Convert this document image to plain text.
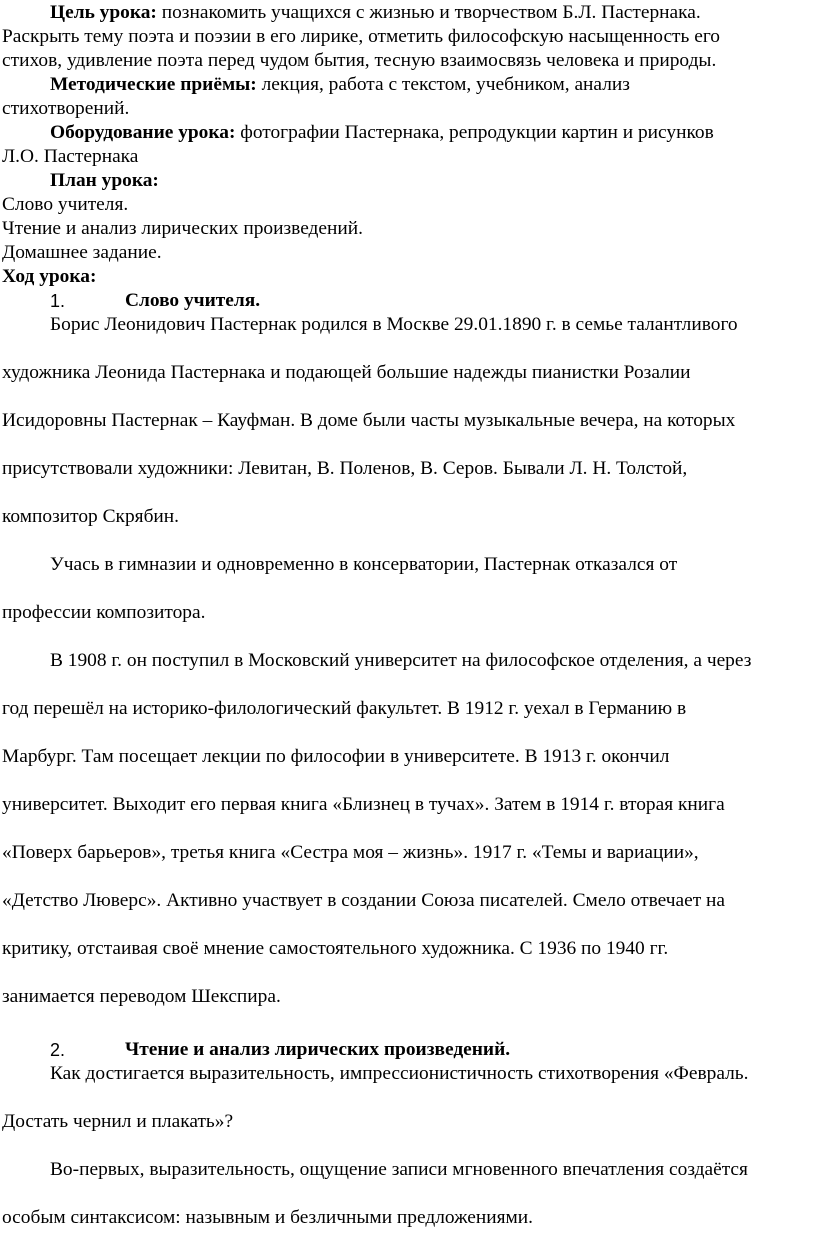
Цель урока: познакомить учащихся с жизнью и творчеством Б.Л. Пастернака.
Раскрыть тему поэта и поэзии в его лирике, отметить философскую насыщенность его
стихов, удивление поэта перед чудом бытия, тесную взаимосвязь человека и природы.
Методические приёмы: лекция, работа с текстом, учебником, анализ
стихотворений.
Оборудование урока: фотографии Пастернака, репродукции картин и рисунков
Л.О. Пастернака
План урока:
Слово учителя.
Чтение и анализ лирических произведений.
Домашнее задание.
Ход урока:
1.	Слово учителя.
Борис Леонидович Пастернак родился в Москве 29.01.1890 г. в семье талантливого
художника Леонида Пастернака и подающей большие надежды пианистки Розалии
Исидоровны Пастернак – Кауфман. В доме были часты музыкальные вечера, на которых
присутствовали художники: Левитан, В. Поленов, В. Серов. Бывали Л. Н. Толстой,
композитор Скрябин.
Учась в гимназии и одновременно в консерватории, Пастернак отказался от
профессии композитора.
В 1908 г. он поступил в Московский университет на философское отделения, а через
год перешёл на историко-филологический факультет. В 1912 г. уехал в Германию в
Марбург. Там посещает лекции по философии в университете. В 1913 г. окончил
университет. Выходит его первая книга «Близнец в тучах». Затем в 1914 г. вторая книга
«Поверх барьеров», третья книга «Сестра моя – жизнь». 1917 г. «Темы и вариации»,
«Детство Люверс». Активно участвует в создании Союза писателей. Смело отвечает на
критику, отстаивая своё мнение самостоятельного художника. С 1936 по 1940 гг.
занимается переводом Шекспира.
2.	Чтение и анализ лирических произведений.
Как достигается выразительность, импрессионистичность стихотворения «Февраль.
Достать чернил и плакать»?
Во-первых, выразительность, ощущение записи мгновенного впечатления создаётся
особым синтаксисом: назывным и безличными предложениями.
